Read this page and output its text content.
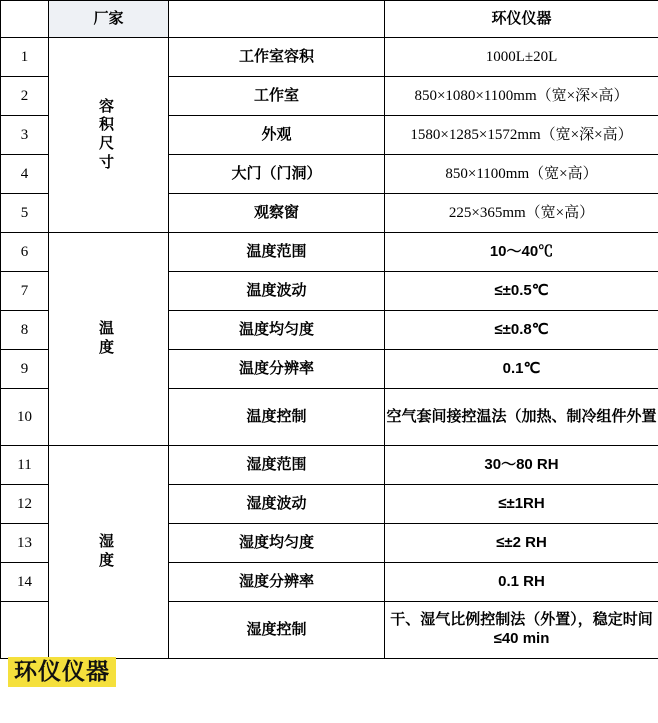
	厂家		环仪仪器
1	容积尺寸	工作室容积	1000L±20L
2		工作室	850×1080×1100mm（宽×深×高）
3		外观	1580×1285×1572mm（宽×深×高）
4		大门（门洞）	850×1100mm（宽×高）
5		观察窗	225×365mm（宽×高）
6	温度	温度范围	10～40℃
7		温度波动	≤±0.5℃
8		温度均匀度	≤±0.8℃
9		温度分辨率	0.1℃
10		温度控制	空气套间接控温法（加热、制冷组件外置
11	湿度	湿度范围	30～80 RH
12		湿度波动	≤±1RH
13		湿度均匀度	≤±2 RH
14		湿度分辨率	0.1 RH
		湿度控制	干、湿气比例控制法（外置），稳定时间≤40 min
环仪仪器
